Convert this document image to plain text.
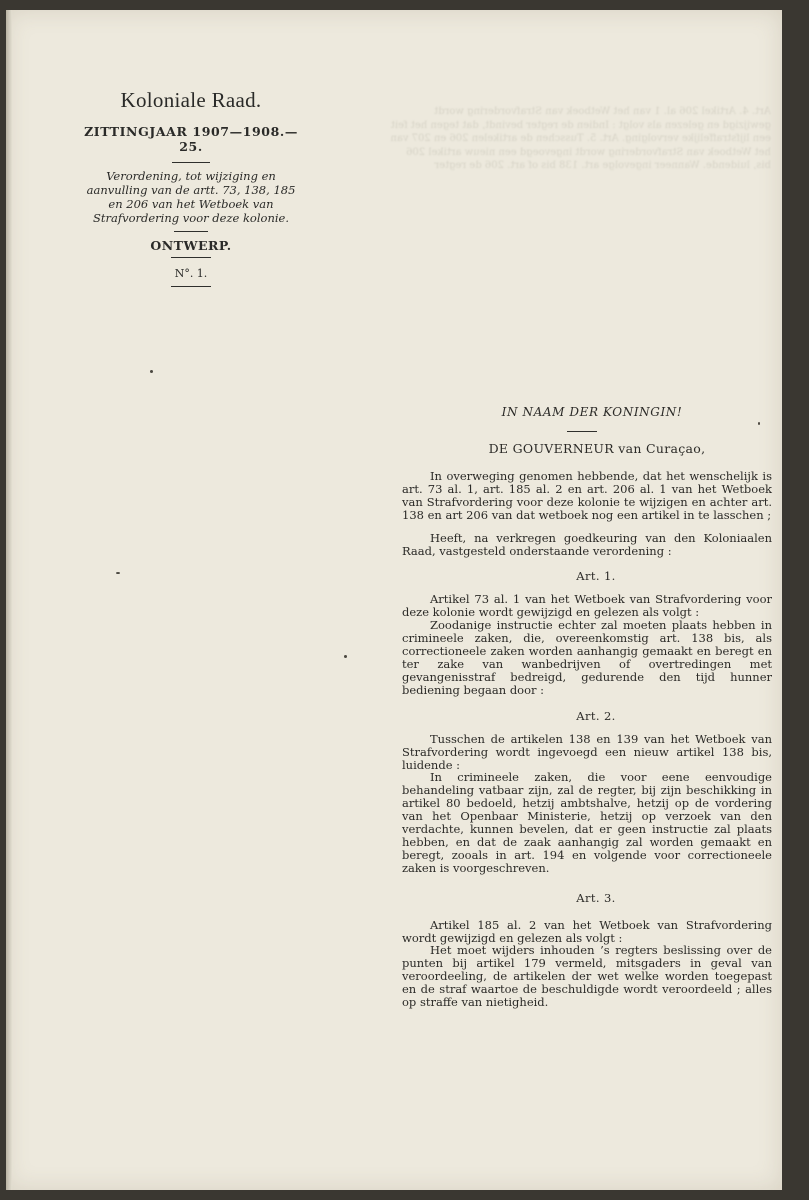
Art. 4. Artikel 206 al. 1 van het Wetboek van Strafvordering wordt gewijzigd en gelezen als volgt : Indien de regter bevindt, dat tegen het feit een lijfstraffelijke vervolging. Art. 5. Tusschen de artikelen 206 en 207 van het Wetboek van Strafvordering wordt ingevoegd een nieuw artikel 206 bis, luidende. Wanneer ingevolge art. 138 bis of art. 206 de regter
Koloniale Raad.
ZITTINGJAAR 1907—1908.—25.
Verordening, tot wijziging en aanvulling van de artt. 73, 138, 185 en 206 van het Wetboek van Strafvordering voor deze kolonie.
ONTWERP.
N°. 1.
IN NAAM DER KONINGIN!
DE GOUVERNEUR van Curaçao,

In overweging genomen hebbende, dat het wenschelijk is art. 73 al. 1, art. 185 al. 2 en art. 206 al. 1 van het Wetboek van Strafvordering voor deze kolonie te wijzigen en achter art. 138 en art 206 van dat wetboek nog een artikel in te lasschen ;

Heeft, na verkregen goedkeuring van den Koloniaalen Raad, vastgesteld onderstaande verordening :

Art. 1.

Artikel 73 al. 1 van het Wetboek van Strafvordering voor deze kolonie wordt gewijzigd en gelezen als volgt :

Zoodanige instructie echter zal moeten plaats hebben in crimineele zaken, die, overeenkomstig art. 138 bis, als correctioneele zaken worden aanhangig gemaakt en beregt en ter zake van wanbedrijven of overtredingen met gevangenisstraf bedreigd, gedurende den tijd hunner bediening begaan door :

Art. 2.

Tusschen de artikelen 138 en 139 van het Wetboek van Strafvordering wordt ingevoegd een nieuw artikel 138 bis, luidende :

In crimineele zaken, die voor eene eenvoudige behandeling vatbaar zijn, zal de regter, bij zijn beschikking in artikel 80 bedoeld, hetzij ambtshalve, hetzij op de vordering van het Openbaar Ministerie, hetzij op verzoek van den verdachte, kunnen bevelen, dat er geen instructie zal plaats hebben, en dat de zaak aanhangig zal worden gemaakt en beregt, zooals in art. 194 en volgende voor correctioneele zaken is voorgeschreven.

Art. 3.

Artikel 185 al. 2 van het Wetboek van Strafvordering wordt gewijzigd en gelezen als volgt :

Het moet wijders inhouden ’s regters beslissing over de punten bij artikel 179 vermeld, mitsgaders in geval van veroordeeling, de artikelen der wet welke worden toegepast en de straf waartoe de beschuldigde wordt veroordeeld ; alles op straffe van nietigheid.
